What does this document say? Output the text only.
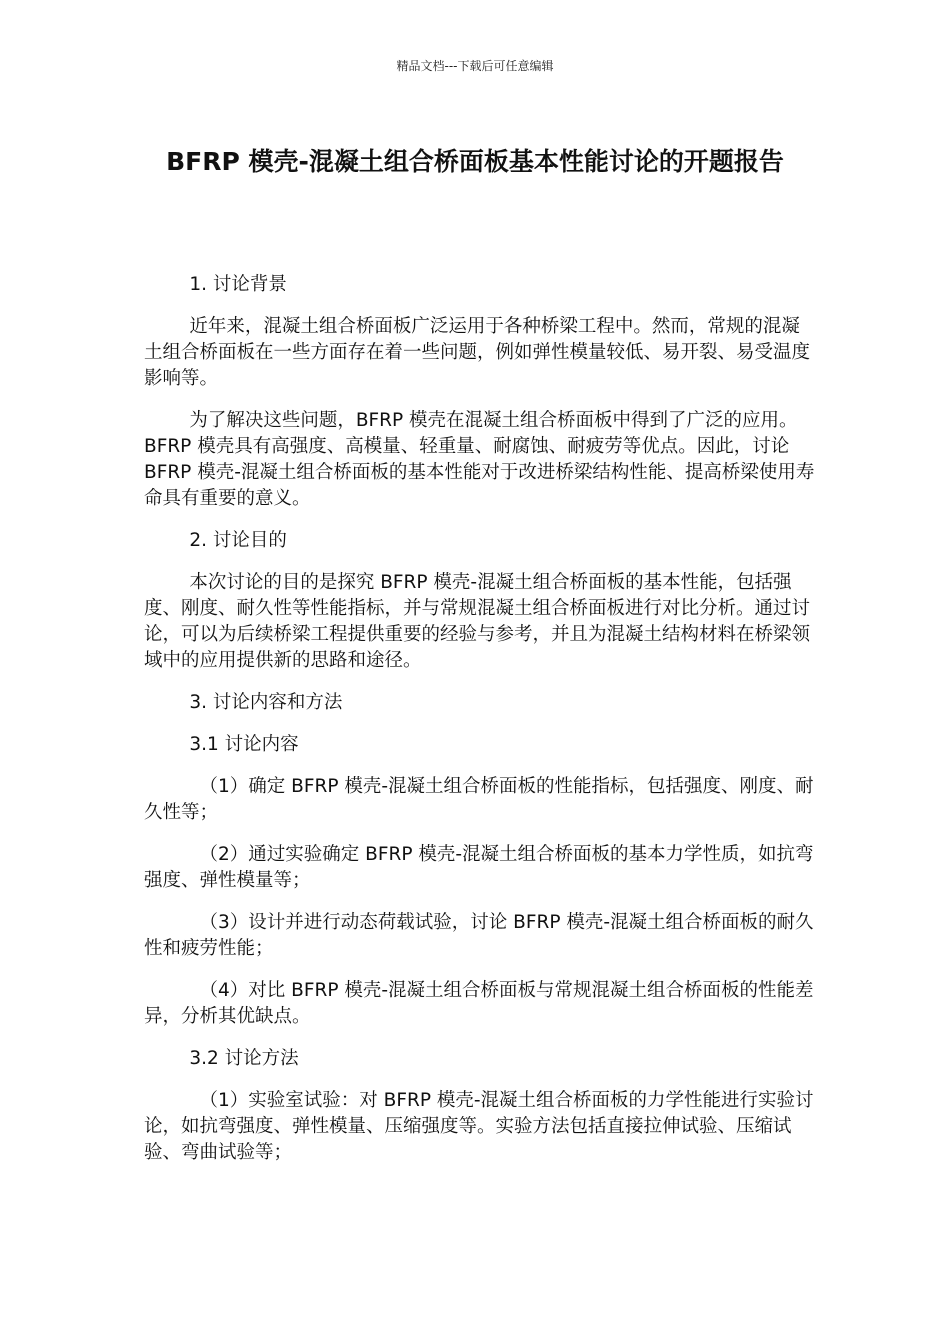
精品文档---下载后可任意编辑
BFRP 模壳-混凝土组合桥面板基本性能讨论的开题报告

1. 讨论背景

近年来，混凝土组合桥面板广泛运用于各种桥梁工程中。然而，常规的混凝土组合桥面板在一些方面存在着一些问题，例如弹性模量较低、易开裂、易受温度影响等。

为了解决这些问题，BFRP 模壳在混凝土组合桥面板中得到了广泛的应用。BFRP 模壳具有高强度、高模量、轻重量、耐腐蚀、耐疲劳等优点。因此，讨论 BFRP 模壳-混凝土组合桥面板的基本性能对于改进桥梁结构性能、提高桥梁使用寿命具有重要的意义。

2. 讨论目的

本次讨论的目的是探究 BFRP 模壳-混凝土组合桥面板的基本性能，包括强度、刚度、耐久性等性能指标，并与常规混凝土组合桥面板进行对比分析。通过讨论，可以为后续桥梁工程提供重要的经验与参考，并且为混凝土结构材料在桥梁领域中的应用提供新的思路和途径。

3. 讨论内容和方法

3.1 讨论内容

（1）确定 BFRP 模壳-混凝土组合桥面板的性能指标，包括强度、刚度、耐久性等；

（2）通过实验确定 BFRP 模壳-混凝土组合桥面板的基本力学性质，如抗弯强度、弹性模量等；

（3）设计并进行动态荷载试验，讨论 BFRP 模壳-混凝土组合桥面板的耐久性和疲劳性能；

（4）对比 BFRP 模壳-混凝土组合桥面板与常规混凝土组合桥面板的性能差异，分析其优缺点。

3.2 讨论方法

（1）实验室试验：对 BFRP 模壳-混凝土组合桥面板的力学性能进行实验讨论，如抗弯强度、弹性模量、压缩强度等。实验方法包括直接拉伸试验、压缩试验、弯曲试验等；
